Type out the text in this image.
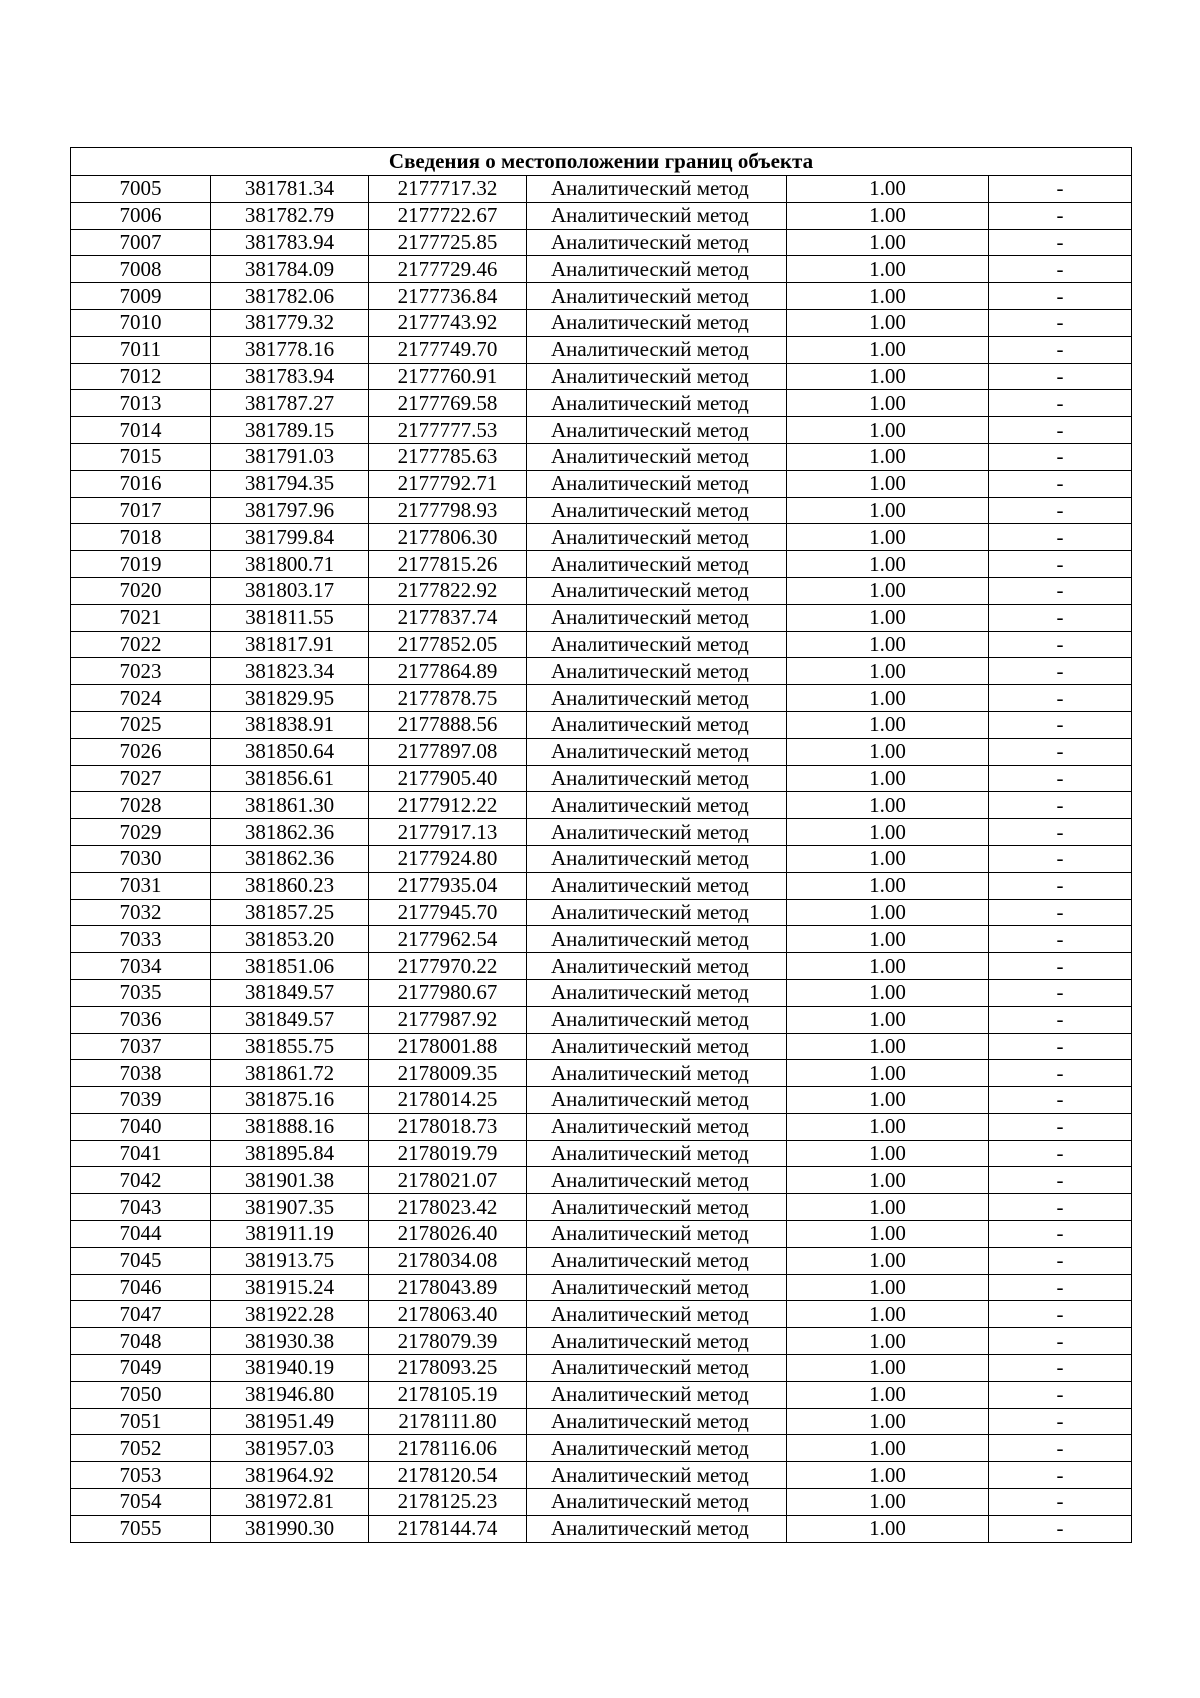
Сведения о местоположении границ объекта					
7005	381781.34	2177717.32	Аналитический метод	1.00	-
7006	381782.79	2177722.67	Аналитический метод	1.00	-
7007	381783.94	2177725.85	Аналитический метод	1.00	-
7008	381784.09	2177729.46	Аналитический метод	1.00	-
7009	381782.06	2177736.84	Аналитический метод	1.00	-
7010	381779.32	2177743.92	Аналитический метод	1.00	-
7011	381778.16	2177749.70	Аналитический метод	1.00	-
7012	381783.94	2177760.91	Аналитический метод	1.00	-
7013	381787.27	2177769.58	Аналитический метод	1.00	-
7014	381789.15	2177777.53	Аналитический метод	1.00	-
7015	381791.03	2177785.63	Аналитический метод	1.00	-
7016	381794.35	2177792.71	Аналитический метод	1.00	-
7017	381797.96	2177798.93	Аналитический метод	1.00	-
7018	381799.84	2177806.30	Аналитический метод	1.00	-
7019	381800.71	2177815.26	Аналитический метод	1.00	-
7020	381803.17	2177822.92	Аналитический метод	1.00	-
7021	381811.55	2177837.74	Аналитический метод	1.00	-
7022	381817.91	2177852.05	Аналитический метод	1.00	-
7023	381823.34	2177864.89	Аналитический метод	1.00	-
7024	381829.95	2177878.75	Аналитический метод	1.00	-
7025	381838.91	2177888.56	Аналитический метод	1.00	-
7026	381850.64	2177897.08	Аналитический метод	1.00	-
7027	381856.61	2177905.40	Аналитический метод	1.00	-
7028	381861.30	2177912.22	Аналитический метод	1.00	-
7029	381862.36	2177917.13	Аналитический метод	1.00	-
7030	381862.36	2177924.80	Аналитический метод	1.00	-
7031	381860.23	2177935.04	Аналитический метод	1.00	-
7032	381857.25	2177945.70	Аналитический метод	1.00	-
7033	381853.20	2177962.54	Аналитический метод	1.00	-
7034	381851.06	2177970.22	Аналитический метод	1.00	-
7035	381849.57	2177980.67	Аналитический метод	1.00	-
7036	381849.57	2177987.92	Аналитический метод	1.00	-
7037	381855.75	2178001.88	Аналитический метод	1.00	-
7038	381861.72	2178009.35	Аналитический метод	1.00	-
7039	381875.16	2178014.25	Аналитический метод	1.00	-
7040	381888.16	2178018.73	Аналитический метод	1.00	-
7041	381895.84	2178019.79	Аналитический метод	1.00	-
7042	381901.38	2178021.07	Аналитический метод	1.00	-
7043	381907.35	2178023.42	Аналитический метод	1.00	-
7044	381911.19	2178026.40	Аналитический метод	1.00	-
7045	381913.75	2178034.08	Аналитический метод	1.00	-
7046	381915.24	2178043.89	Аналитический метод	1.00	-
7047	381922.28	2178063.40	Аналитический метод	1.00	-
7048	381930.38	2178079.39	Аналитический метод	1.00	-
7049	381940.19	2178093.25	Аналитический метод	1.00	-
7050	381946.80	2178105.19	Аналитический метод	1.00	-
7051	381951.49	2178111.80	Аналитический метод	1.00	-
7052	381957.03	2178116.06	Аналитический метод	1.00	-
7053	381964.92	2178120.54	Аналитический метод	1.00	-
7054	381972.81	2178125.23	Аналитический метод	1.00	-
7055	381990.30	2178144.74	Аналитический метод	1.00	-
